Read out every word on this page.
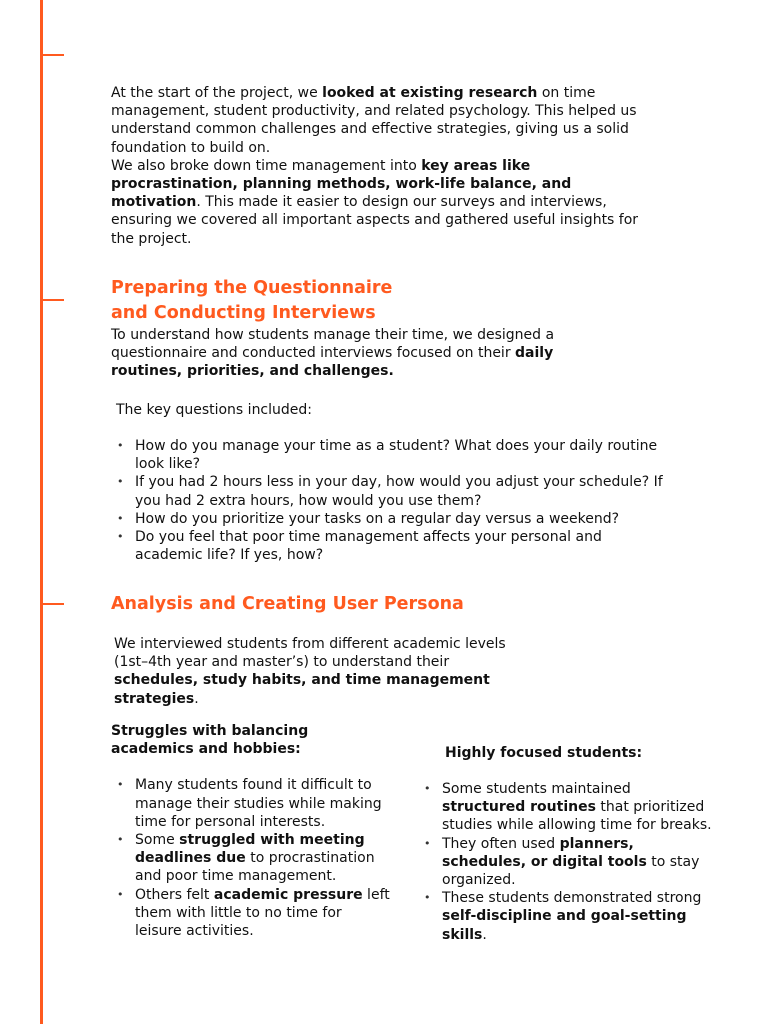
At the start of the project, we looked at existing research on time management, student productivity, and related psychology. This helped us understand common challenges and effective strategies, giving us a solid foundation to build on.

We also broke down time management into key areas like procrastination, planning methods, work-life balance, and motivation. This made it easier to design our surveys and interviews, ensuring we covered all important aspects and gathered useful insights for the project.

Preparing the Questionnaire
and Conducting Interviews

To understand how students manage their time, we designed a questionnaire and conducted interviews focused on their daily routines, priorities, and challenges.

The key questions included:

• How do you manage your time as a student? What does your daily routine look like?
• If you had 2 hours less in your day, how would you adjust your schedule? If you had 2 extra hours, how would you use them?
• How do you prioritize your tasks on a regular day versus a weekend?
• Do you feel that poor time management affects your personal and academic life? If yes, how?
Analysis and Creating User Persona

We interviewed students from different academic levels (1st–4th year and master’s) to understand their schedules, study habits, and time management strategies.

Struggles with balancing
academics and hobbies:

• Many students found it difficult to manage their studies while making time for personal interests.
• Some struggled with meeting deadlines due to procrastination and poor time management.
• Others felt academic pressure left them with little to no time for leisure activities.

Highly focused students:

• Some students maintained structured routines that prioritized studies while allowing time for breaks.
• They often used planners, schedules, or digital tools to stay organized.
• These students demonstrated strong self-discipline and goal-setting skills.
